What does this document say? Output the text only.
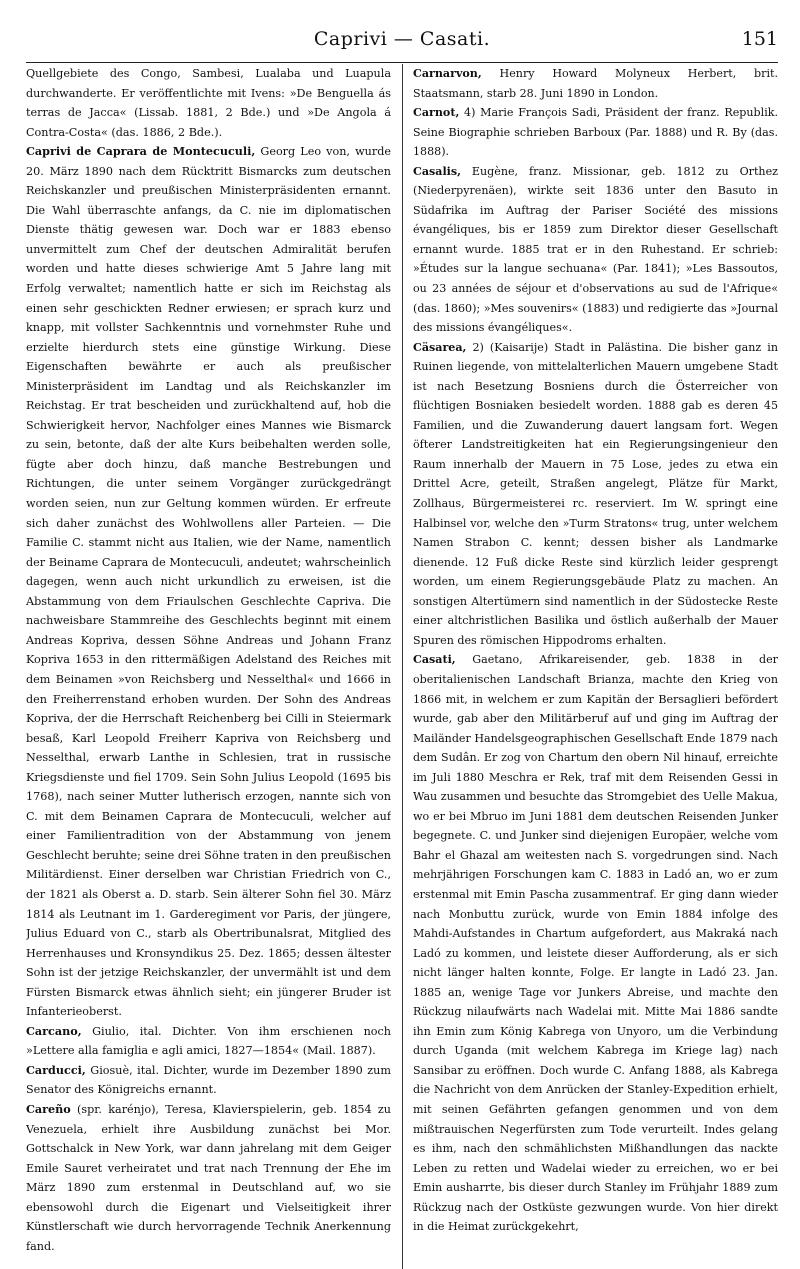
Caprivi — Casati.	151

Quellgebiete des Congo, Sambesi, Lualaba und Luapula durchwanderte. Er veröffentlichte mit Ivens: »De Benguella ás terras de Jacca« (Lissab. 1881, 2 Bde.) und »De Angola á Contra-Costa« (das. 1886, 2 Bde.).

Caprivi de Caprara de Montecuculi, Georg Leo von, wurde 20. März 1890 nach dem Rücktritt Bismarcks zum deutschen Reichskanzler und preußischen Ministerpräsidenten ernannt. Die Wahl überraschte anfangs, da C. nie im diplomatischen Dienste thätig gewesen war. Doch war er 1883 ebenso unvermittelt zum Chef der deutschen Admiralität berufen worden und hatte dieses schwierige Amt 5 Jahre lang mit Erfolg verwaltet; namentlich hatte er sich im Reichstag als einen sehr geschickten Redner erwiesen; er sprach kurz und knapp, mit vollster Sachkenntnis und vornehmster Ruhe und erzielte hierdurch stets eine günstige Wirkung. Diese Eigenschaften bewährte er auch als preußischer Ministerpräsident im Landtag und als Reichskanzler im Reichstag. Er trat bescheiden und zurückhaltend auf, hob die Schwierigkeit hervor, Nachfolger eines Mannes wie Bismarck zu sein, betonte, daß der alte Kurs beibehalten werden solle, fügte aber doch hinzu, daß manche Bestrebungen und Richtungen, die unter seinem Vorgänger zurückgedrängt worden seien, nun zur Geltung kommen würden. Er erfreute sich daher zunächst des Wohlwollens aller Parteien. — Die Familie C. stammt nicht aus Italien, wie der Name, namentlich der Beiname Caprara de Montecuculi, andeutet; wahrscheinlich dagegen, wenn auch nicht urkundlich zu erweisen, ist die Abstammung von dem Friaulschen Geschlechte Capriva. Die nachweisbare Stammreihe des Geschlechts beginnt mit einem Andreas Kopriva, dessen Söhne Andreas und Johann Franz Kopriva 1653 in den rittermäßigen Adelstand des Reiches mit dem Beinamen »von Reichsberg und Nesselthal« und 1666 in den Freiherrenstand erhoben wurden. Der Sohn des Andreas Kopriva, der die Herrschaft Reichenberg bei Cilli in Steiermark besaß, Karl Leopold Freiherr Kapriva von Reichsberg und Nesselthal, erwarb Lanthe in Schlesien, trat in russische Kriegsdienste und fiel 1709. Sein Sohn Julius Leopold (1695 bis 1768), nach seiner Mutter lutherisch erzogen, nannte sich von C. mit dem Beinamen Caprara de Montecuculi, welcher auf einer Familientradition von der Abstammung von jenem Geschlecht beruhte; seine drei Söhne traten in den preußischen Militärdienst. Einer derselben war Christian Friedrich von C., der 1821 als Oberst a. D. starb. Sein älterer Sohn fiel 30. März 1814 als Leutnant im 1. Garderegiment vor Paris, der jüngere, Julius Eduard von C., starb als Obertribunalsrat, Mitglied des Herrenhauses und Kronsyndikus 25. Dez. 1865; dessen ältester Sohn ist der jetzige Reichskanzler, der unvermählt ist und dem Fürsten Bismarck etwas ähnlich sieht; ein jüngerer Bruder ist Infanterieoberst.

Carcano, Giulio, ital. Dichter. Von ihm erschienen noch »Lettere alla famiglia e agli amici, 1827—1854« (Mail. 1887).

Carducci, Giosuè, ital. Dichter, wurde im Dezember 1890 zum Senator des Königreichs ernannt.

Careño (spr. karénjo), Teresa, Klavierspielerin, geb. 1854 zu Venezuela, erhielt ihre Ausbildung zunächst bei Mor. Gottschalck in New York, war dann jahrelang mit dem Geiger Emile Sauret verheiratet und trat nach Trennung der Ehe im März 1890 zum erstenmal in Deutschland auf, wo sie ebensowohl durch die Eigenart und Vielseitigkeit ihrer Künstlerschaft wie durch hervorragende Technik Anerkennung fand.

Carnarvon, Henry Howard Molyneux Herbert, brit. Staatsmann, starb 28. Juni 1890 in London.

Carnot, 4) Marie François Sadi, Präsident der franz. Republik. Seine Biographie schrieben Barboux (Par. 1888) und R. By (das. 1888).

Casalis, Eugène, franz. Missionar, geb. 1812 zu Orthez (Niederpyrenäen), wirkte seit 1836 unter den Basuto in Südafrika im Auftrag der Pariser Société des missions évangéliques, bis er 1859 zum Direktor dieser Gesellschaft ernannt wurde. 1885 trat er in den Ruhestand. Er schrieb: »Études sur la langue sechuana« (Par. 1841); »Les Bassoutos, ou 23 années de séjour et d'observations au sud de l'Afrique« (das. 1860); »Mes souvenirs« (1883) und redigierte das »Journal des missions évangéliques«.

Cäsarea, 2) (Kaisarije) Stadt in Palästina. Die bisher ganz in Ruinen liegende, von mittelalterlichen Mauern umgebene Stadt ist nach Besetzung Bosniens durch die Österreicher von flüchtigen Bosniaken besiedelt worden. 1888 gab es deren 45 Familien, und die Zuwanderung dauert langsam fort. Wegen öfterer Landstreitigkeiten hat ein Regierungsingenieur den Raum innerhalb der Mauern in 75 Lose, jedes zu etwa ein Drittel Acre, geteilt, Straßen angelegt, Plätze für Markt, Zollhaus, Bürgermeisterei rc. reserviert. Im W. springt eine Halbinsel vor, welche den »Turm Stratons« trug, unter welchem Namen Strabon C. kennt; dessen bisher als Landmarke dienende. 12 Fuß dicke Reste sind kürzlich leider gesprengt worden, um einem Regierungsgebäude Platz zu machen. An sonstigen Altertümern sind namentlich in der Südostecke Reste einer altchristlichen Basilika und östlich außerhalb der Mauer Spuren des römischen Hippodroms erhalten.

Casati, Gaetano, Afrikareisender, geb. 1838 in der oberitalienischen Landschaft Brianza, machte den Krieg von 1866 mit, in welchem er zum Kapitän der Bersaglieri befördert wurde, gab aber den Militärberuf auf und ging im Auftrag der Mailänder Handelsgeographischen Gesellschaft Ende 1879 nach dem Sudân. Er zog von Chartum den obern Nil hinauf, erreichte im Juli 1880 Meschra er Rek, traf mit dem Reisenden Gessi in Wau zusammen und besuchte das Stromgebiet des Uelle Makua, wo er bei Mbruo im Juni 1881 dem deutschen Reisenden Junker begegnete. C. und Junker sind diejenigen Europäer, welche vom Bahr el Ghazal am weitesten nach S. vorgedrungen sind. Nach mehrjährigen Forschungen kam C. 1883 in Ladó an, wo er zum erstenmal mit Emin Pascha zusammentraf. Er ging dann wieder nach Monbuttu zurück, wurde von Emin 1884 infolge des Mahdi-Aufstandes in Chartum aufgefordert, aus Makraká nach Ladó zu kommen, und leistete dieser Aufforderung, als er sich nicht länger halten konnte, Folge. Er langte in Ladó 23. Jan. 1885 an, wenige Tage vor Junkers Abreise, und machte den Rückzug nilaufwärts nach Wadelai mit. Mitte Mai 1886 sandte ihn Emin zum König Kabrega von Unyoro, um die Verbindung durch Uganda (mit welchem Kabrega im Kriege lag) nach Sansibar zu eröffnen. Doch wurde C. Anfang 1888, als Kabrega die Nachricht von dem Anrücken der Stanley-Expedition erhielt, mit seinen Gefährten gefangen genommen und von dem mißtrauischen Negerfürsten zum Tode verurteilt. Indes gelang es ihm, nach den schmählichsten Mißhandlungen das nackte Leben zu retten und Wadelai wieder zu erreichen, wo er bei Emin ausharrte, bis dieser durch Stanley im Frühjahr 1889 zum Rückzug nach der Ostküste gezwungen wurde. Von hier direkt in die Heimat zurückgekehrt,
